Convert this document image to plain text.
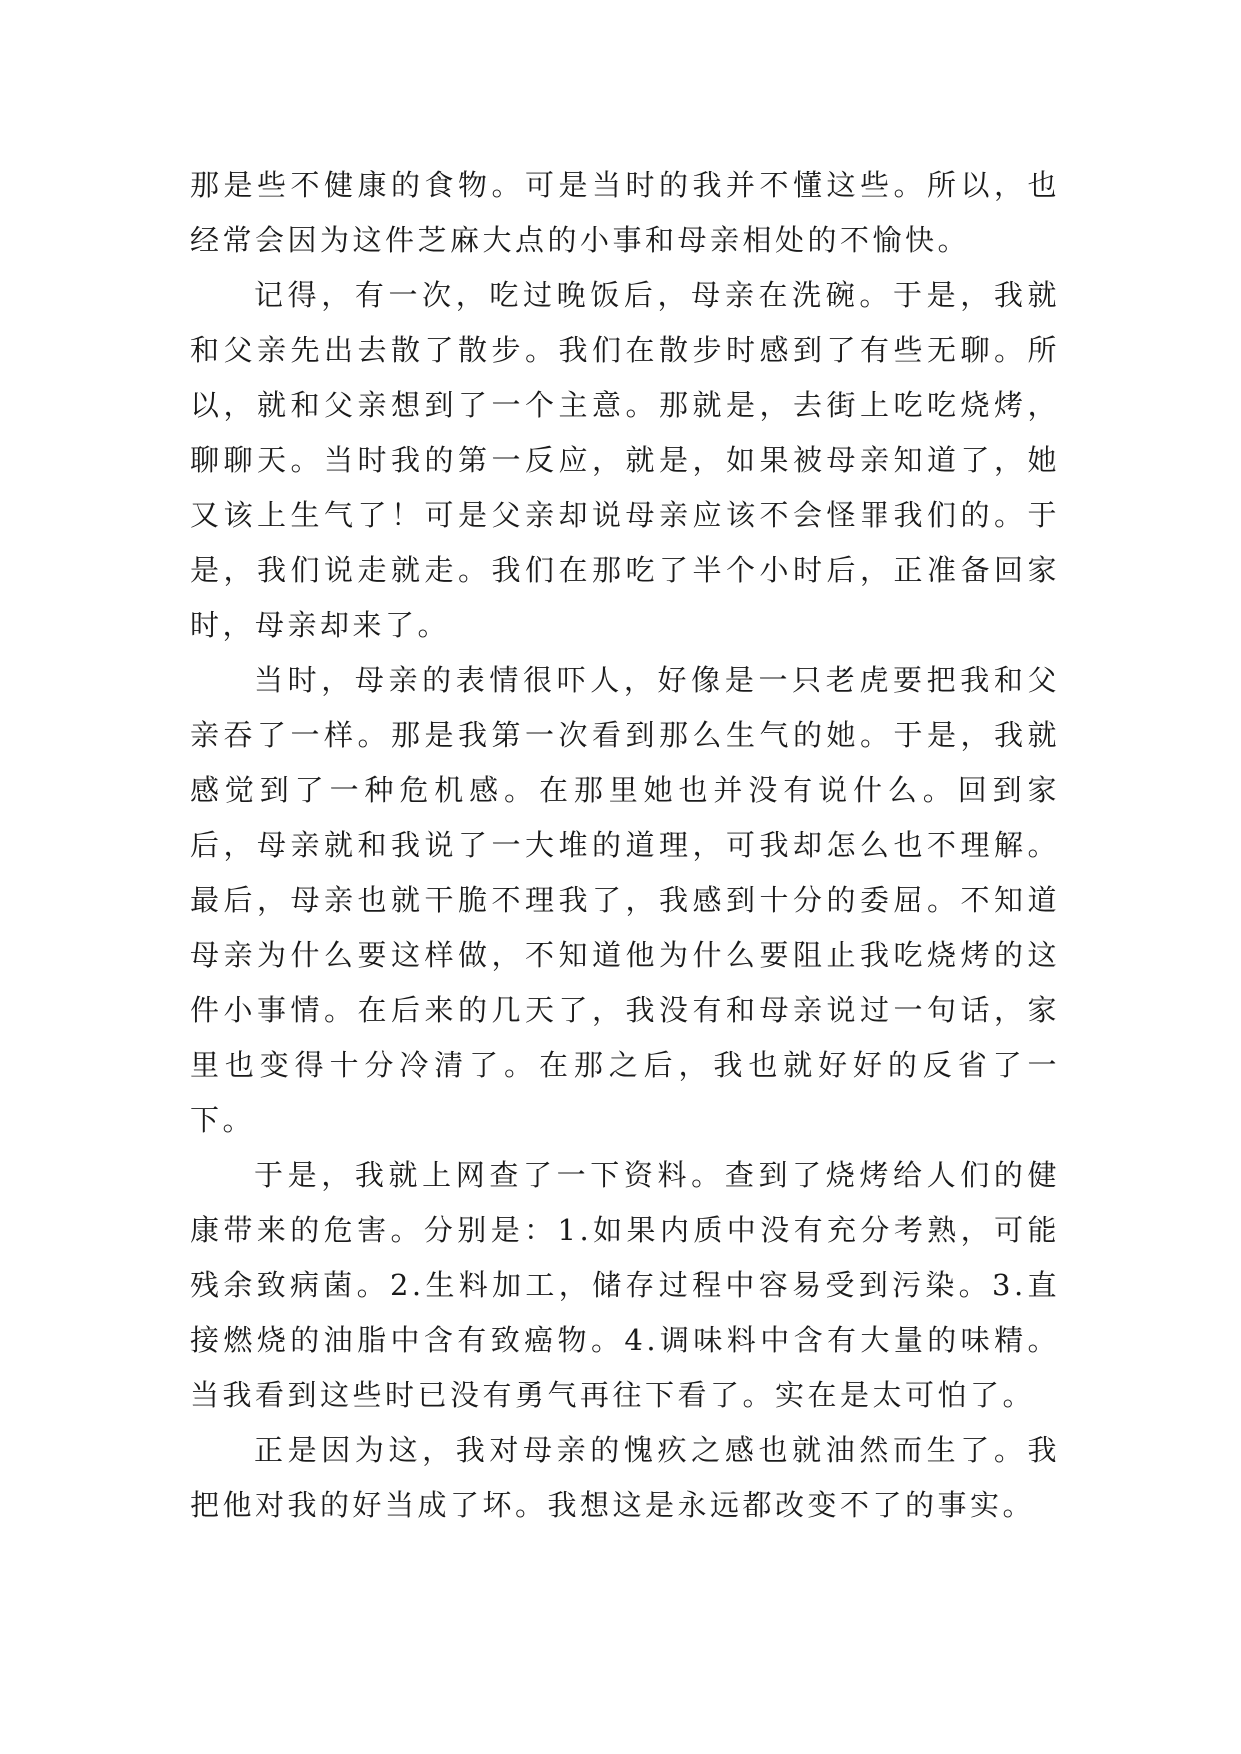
那是些不健康的食物。可是当时的我并不懂这些。所以，也经常会因为这件芝麻大点的小事和母亲相处的不愉快。

记得，有一次，吃过晚饭后，母亲在洗碗。于是，我就和父亲先出去散了散步。我们在散步时感到了有些无聊。所以，就和父亲想到了一个主意。那就是，去街上吃吃烧烤，聊聊天。当时我的第一反应，就是，如果被母亲知道了，她又该上生气了！可是父亲却说母亲应该不会怪罪我们的。于是，我们说走就走。我们在那吃了半个小时后，正准备回家时，母亲却来了。

当时，母亲的表情很吓人，好像是一只老虎要把我和父亲吞了一样。那是我第一次看到那么生气的她。于是，我就感觉到了一种危机感。在那里她也并没有说什么。回到家后，母亲就和我说了一大堆的道理，可我却怎么也不理解。最后，母亲也就干脆不理我了，我感到十分的委屈。不知道母亲为什么要这样做，不知道他为什么要阻止我吃烧烤的这件小事情。在后来的几天了，我没有和母亲说过一句话，家里也变得十分冷清了。在那之后，我也就好好的反省了一下。

于是，我就上网查了一下资料。查到了烧烤给人们的健康带来的危害。分别是：1.如果内质中没有充分考熟，可能残余致病菌。2.生料加工，储存过程中容易受到污染。3.直接燃烧的油脂中含有致癌物。4.调味料中含有大量的味精。当我看到这些时已没有勇气再往下看了。实在是太可怕了。

正是因为这，我对母亲的愧疚之感也就油然而生了。我把他对我的好当成了坏。我想这是永远都改变不了的事实。
